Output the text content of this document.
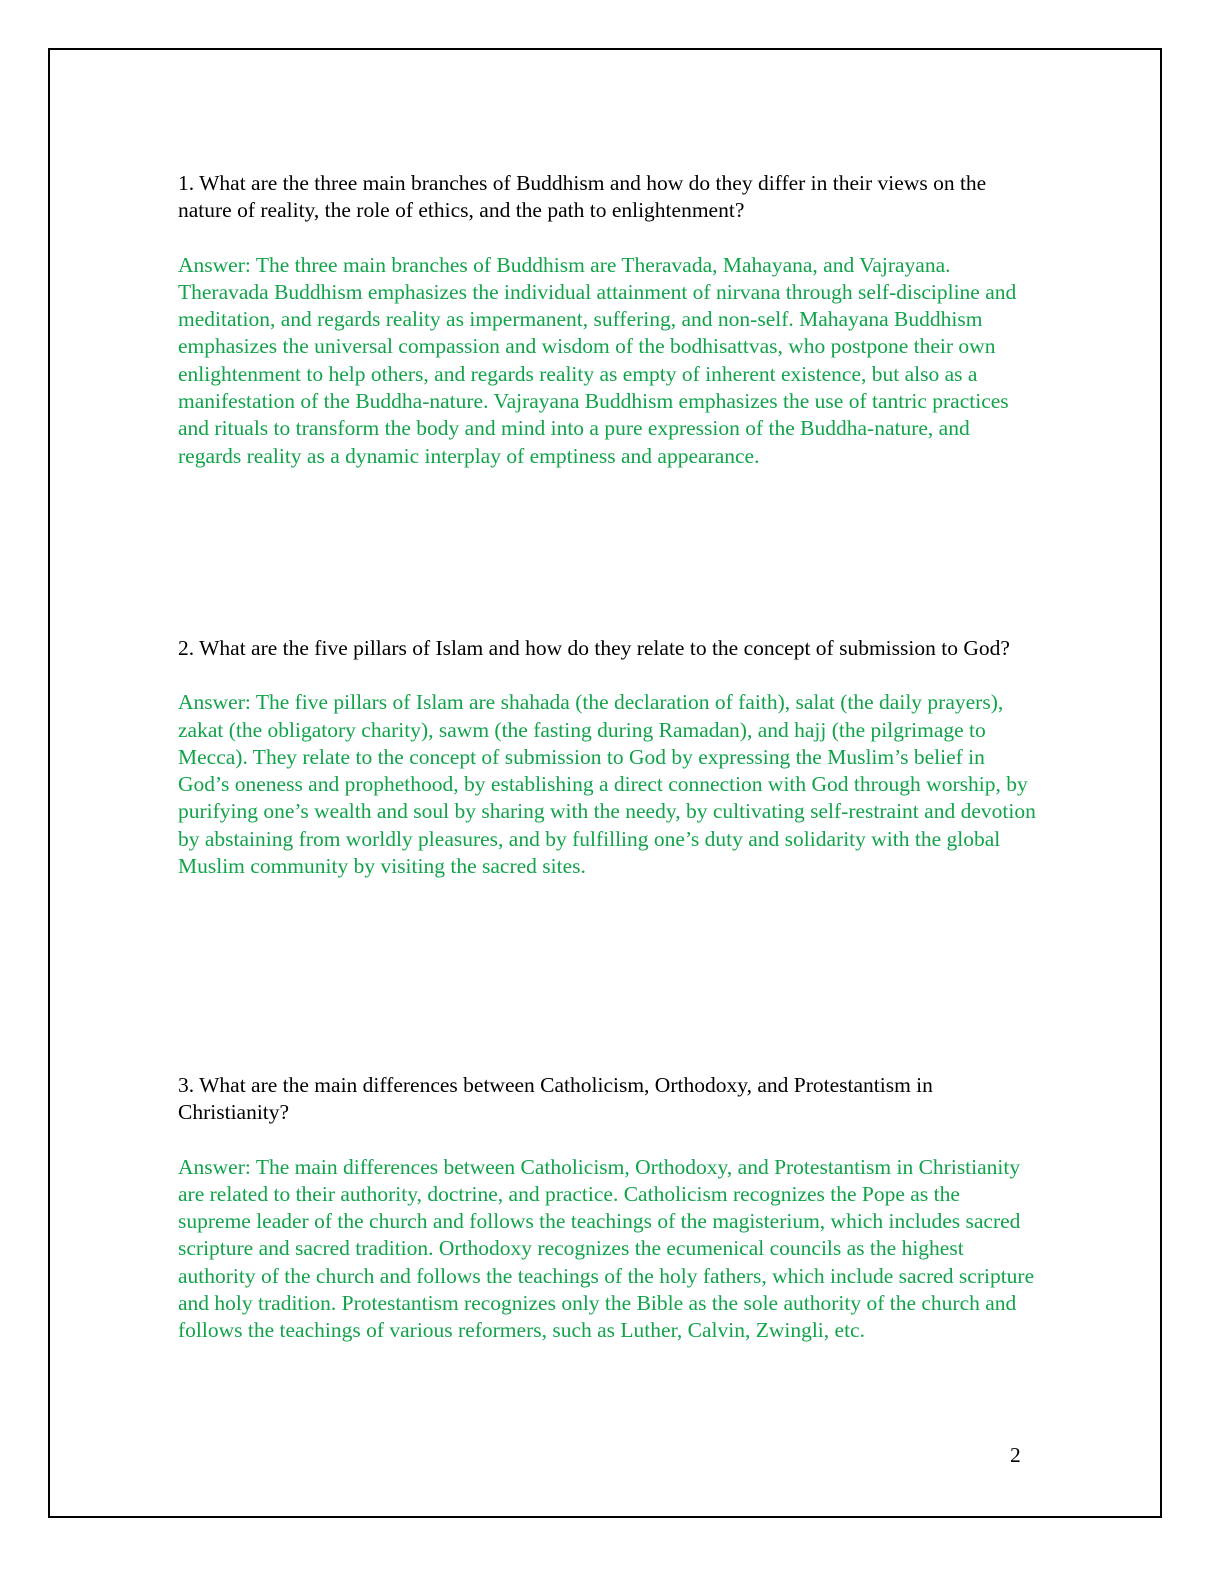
1. What are the three main branches of Buddhism and how do they differ in their views on the nature of reality, the role of ethics, and the path to enlightenment?

Answer: The three main branches of Buddhism are Theravada, Mahayana, and Vajrayana. Theravada Buddhism emphasizes the individual attainment of nirvana through self-discipline and meditation, and regards reality as impermanent, suffering, and non-self. Mahayana Buddhism emphasizes the universal compassion and wisdom of the bodhisattvas, who postpone their own enlightenment to help others, and regards reality as empty of inherent existence, but also as a manifestation of the Buddha-nature. Vajrayana Buddhism emphasizes the use of tantric practices and rituals to transform the body and mind into a pure expression of the Buddha-nature, and regards reality as a dynamic interplay of emptiness and appearance.

2. What are the five pillars of Islam and how do they relate to the concept of submission to God?

Answer: The five pillars of Islam are shahada (the declaration of faith), salat (the daily prayers), zakat (the obligatory charity), sawm (the fasting during Ramadan), and hajj (the pilgrimage to Mecca). They relate to the concept of submission to God by expressing the Muslim’s belief in God’s oneness and prophethood, by establishing a direct connection with God through worship, by purifying one’s wealth and soul by sharing with the needy, by cultivating self-restraint and devotion by abstaining from worldly pleasures, and by fulfilling one’s duty and solidarity with the global Muslim community by visiting the sacred sites.

3. What are the main differences between Catholicism, Orthodoxy, and Protestantism in Christianity?

Answer: The main differences between Catholicism, Orthodoxy, and Protestantism in Christianity are related to their authority, doctrine, and practice. Catholicism recognizes the Pope as the supreme leader of the church and follows the teachings of the magisterium, which includes sacred scripture and sacred tradition. Orthodoxy recognizes the ecumenical councils as the highest authority of the church and follows the teachings of the holy fathers, which include sacred scripture and holy tradition. Protestantism recognizes only the Bible as the sole authority of the church and follows the teachings of various reformers, such as Luther, Calvin, Zwingli, etc.

2
